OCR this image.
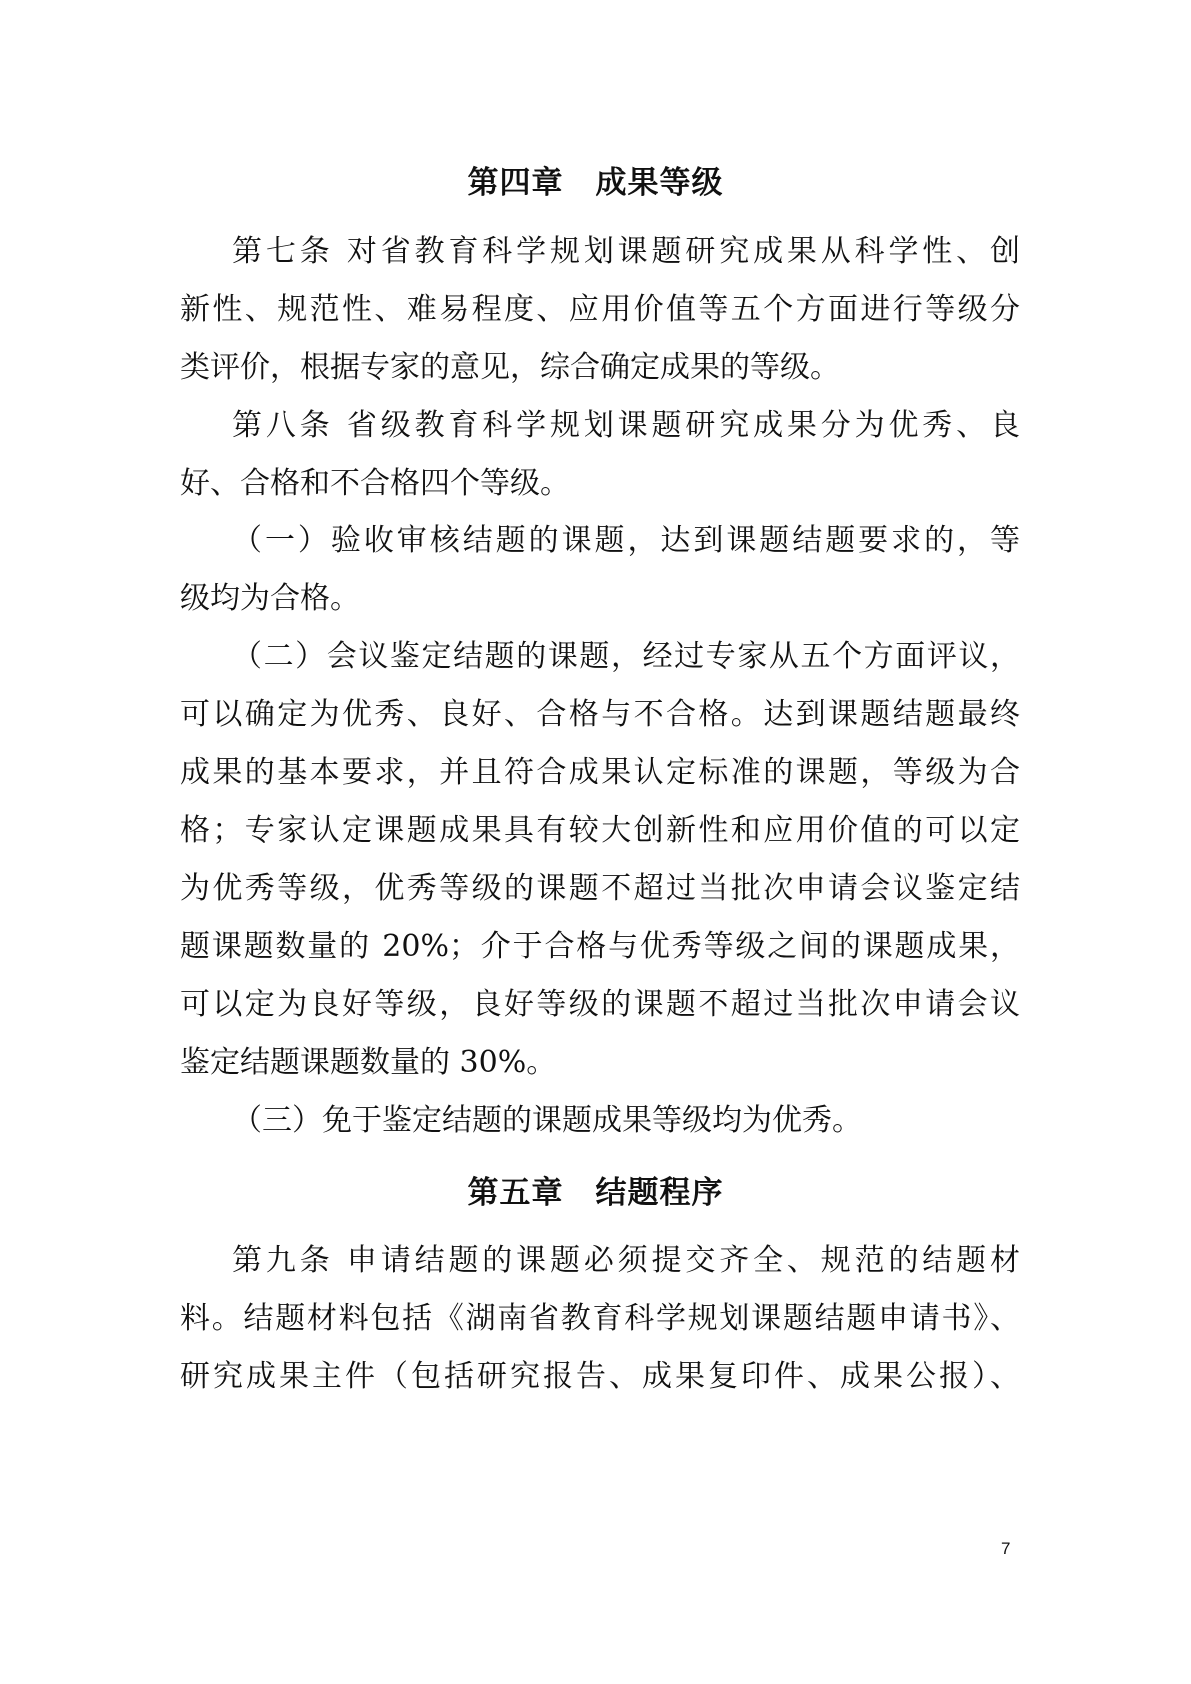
第四章　成果等级
第七条 对省教育科学规划课题研究成果从科学性、创
新性、规范性、难易程度、应用价值等五个方面进行等级分
类评价，根据专家的意见，综合确定成果的等级。
第八条 省级教育科学规划课题研究成果分为优秀、良
好、合格和不合格四个等级。
（一）验收审核结题的课题，达到课题结题要求的，等
级均为合格。
（二）会议鉴定结题的课题，经过专家从五个方面评议，
可以确定为优秀、良好、合格与不合格。达到课题结题最终
成果的基本要求，并且符合成果认定标准的课题，等级为合
格；专家认定课题成果具有较大创新性和应用价值的可以定
为优秀等级，优秀等级的课题不超过当批次申请会议鉴定结
题课题数量的 20%；介于合格与优秀等级之间的课题成果，
可以定为良好等级，良好等级的课题不超过当批次申请会议
鉴定结题课题数量的 30%。
（三）免于鉴定结题的课题成果等级均为优秀。
第五章　结题程序
第九条 申请结题的课题必须提交齐全、规范的结题材
料。结题材料包括《湖南省教育科学规划课题结题申请书》、
研究成果主件（包括研究报告、成果复印件、成果公报）、
7
